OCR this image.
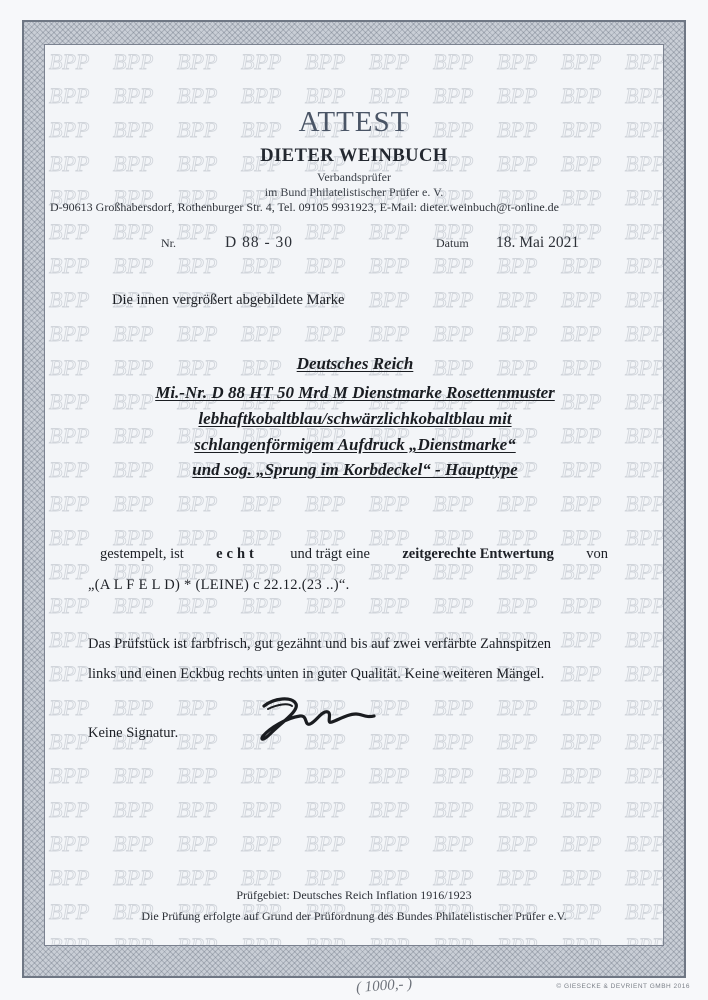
ATTEST
DIETER WEINBUCH
Verbandsprüfer
im Bund Philatelistischer Prüfer e. V.
D-90613 Großhabersdorf, Rothenburger Str. 4, Tel. 09105 9931923, E-Mail: dieter.weinbuch@t-online.de
Nr.	D 88 - 30	Datum 18. Mai 2021
Die innen vergrößert abgebildete Marke
Deutsches Reich
Mi.-Nr. D 88 HT 50 Mrd M Dienstmarke Rosettenmuster
lebhaftkobaltblau/schwärzlichkobaltblau mit
schlangenförmigem Aufdruck „Dienstmarke“
und sog. „Sprung im Korbdeckel“ - Haupttype
gestempelt, ist echt und trägt eine zeitgerechte Entwertung von
„(A L F E L D) * (LEINE) c 22.12.(23 ..)“.
Das Prüfstück ist farbfrisch, gut gezähnt und bis auf zwei verfärbte Zahnspitzen
links und einen Eckbug rechts unten in guter Qualität. Keine weiteren Mängel.
Keine Signatur.
Prüfgebiet: Deutsches Reich Inflation 1916/1923
Die Prüfung erfolgte auf Grund der Prüfordnung des Bundes Philatelistischer Prüfer e.V.
( 1000,- )	© GIESECKE & DEVRIENT GMBH 2016
